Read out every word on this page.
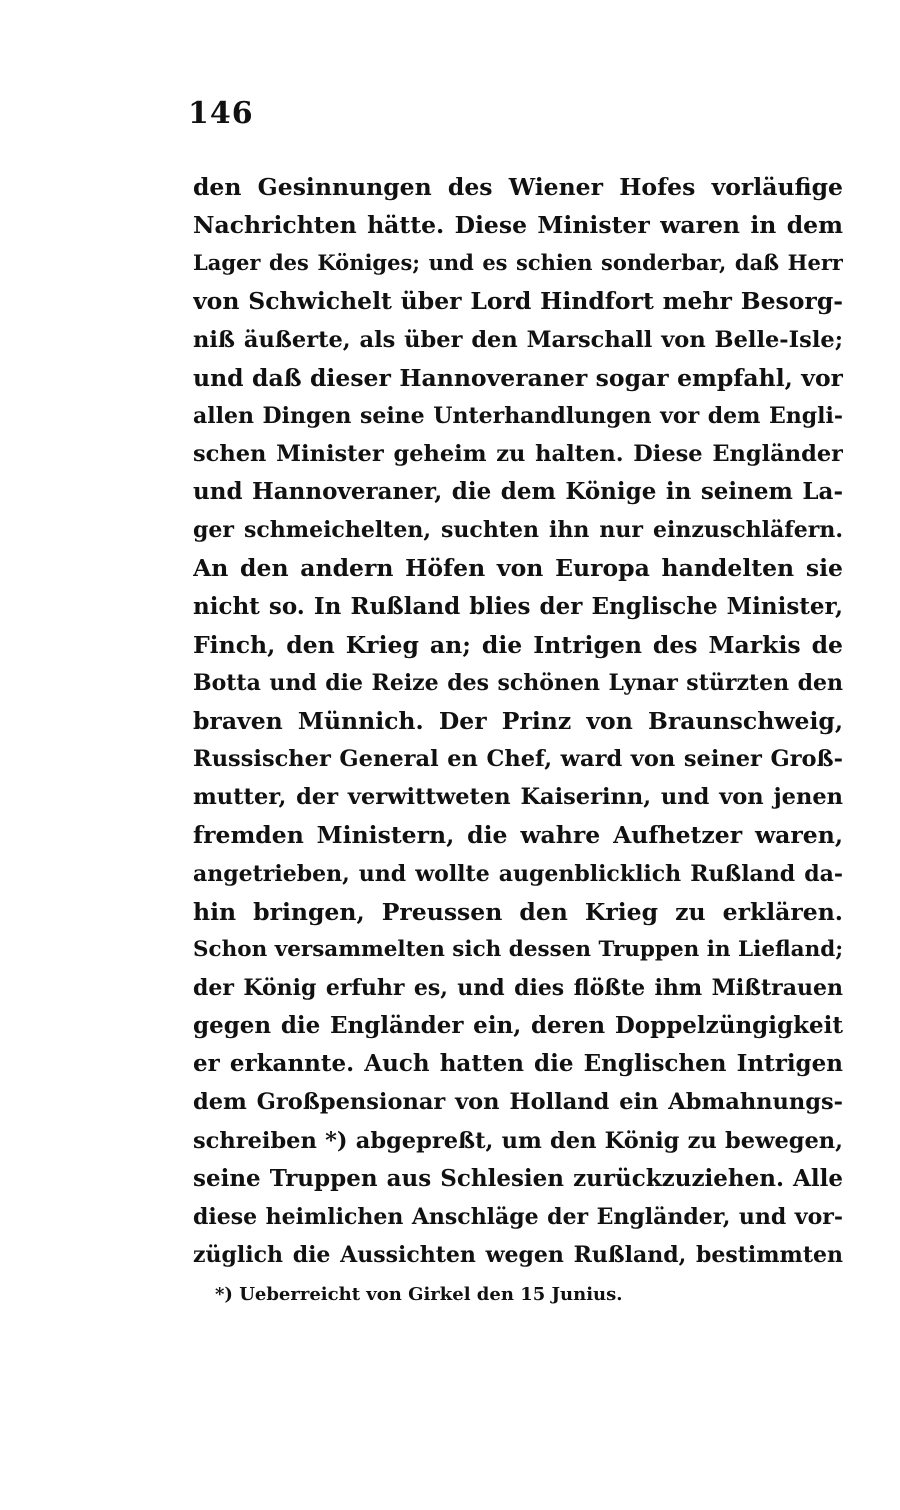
146
den Gesinnungen des Wiener Hofes vorläufige
Nachrichten hätte. Diese Minister waren in dem
Lager des Königes; und es schien sonderbar, daß Herr
von Schwichelt über Lord Hindfort mehr Besorg-
niß äußerte, als über den Marschall von Belle-Isle;
und daß dieser Hannoveraner sogar empfahl, vor
allen Dingen seine Unterhandlungen vor dem Engli-
schen Minister geheim zu halten. Diese Engländer
und Hannoveraner, die dem Könige in seinem La-
ger schmeichelten, suchten ihn nur einzuschläfern.
An den andern Höfen von Europa handelten sie
nicht so. In Rußland blies der Englische Minister,
Finch, den Krieg an; die Intrigen des Markis de
Botta und die Reize des schönen Lynar stürzten den
braven Münnich. Der Prinz von Braunschweig,
Russischer General en Chef, ward von seiner Groß-
mutter, der verwittweten Kaiserinn, und von jenen
fremden Ministern, die wahre Aufhetzer waren,
angetrieben, und wollte augenblicklich Rußland da-
hin bringen, Preussen den Krieg zu erklären.
Schon versammelten sich dessen Truppen in Liefland;
der König erfuhr es, und dies flößte ihm Mißtrauen
gegen die Engländer ein, deren Doppelzüngigkeit
er erkannte. Auch hatten die Englischen Intrigen
dem Großpensionar von Holland ein Abmahnungs-
schreiben *) abgepreßt, um den König zu bewegen,
seine Truppen aus Schlesien zurückzuziehen. Alle
diese heimlichen Anschläge der Engländer, und vor-
züglich die Aussichten wegen Rußland, bestimmten
*) Ueberreicht von Girkel den 15 Junius.
